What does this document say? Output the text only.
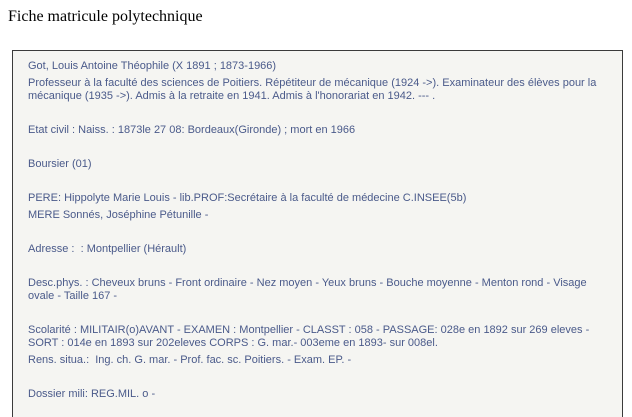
Fiche matricule polytechnique

Got, Louis Antoine Théophile (X 1891 ; 1873-1966)

Professeur à la faculté des sciences de Poitiers. Répétiteur de mécanique (1924 ->). Examinateur des élèves pour la mécanique (1935 ->). Admis à la retraite en 1941. Admis à l'honorariat en 1942. --- .

Etat civil : Naiss. : 1873le 27 08: Bordeaux(Gironde) ; mort en 1966

Boursier (01)

PERE: Hippolyte Marie Louis - lib.PROF:Secrétaire à la faculté de médecine C.INSEE(5b)

MERE Sonnés, Joséphine Pétunille -

Adresse :  : Montpellier (Hérault)

Desc.phys. : Cheveux bruns - Front ordinaire - Nez moyen - Yeux bruns - Bouche moyenne - Menton rond - Visage ovale - Taille 167 -

Scolarité : MILITAIR(o)AVANT - EXAMEN : Montpellier - CLASST : 058 - PASSAGE: 028e en 1892 sur 269 eleves - SORT : 014e en 1893 sur 202eleves CORPS : G. mar.- 003eme en 1893- sur 008el.

Rens. situa.:  Ing. ch. G. mar. - Prof. fac. sc. Poitiers. - Exam. EP. -

Dossier mili: REG.MIL. o -
